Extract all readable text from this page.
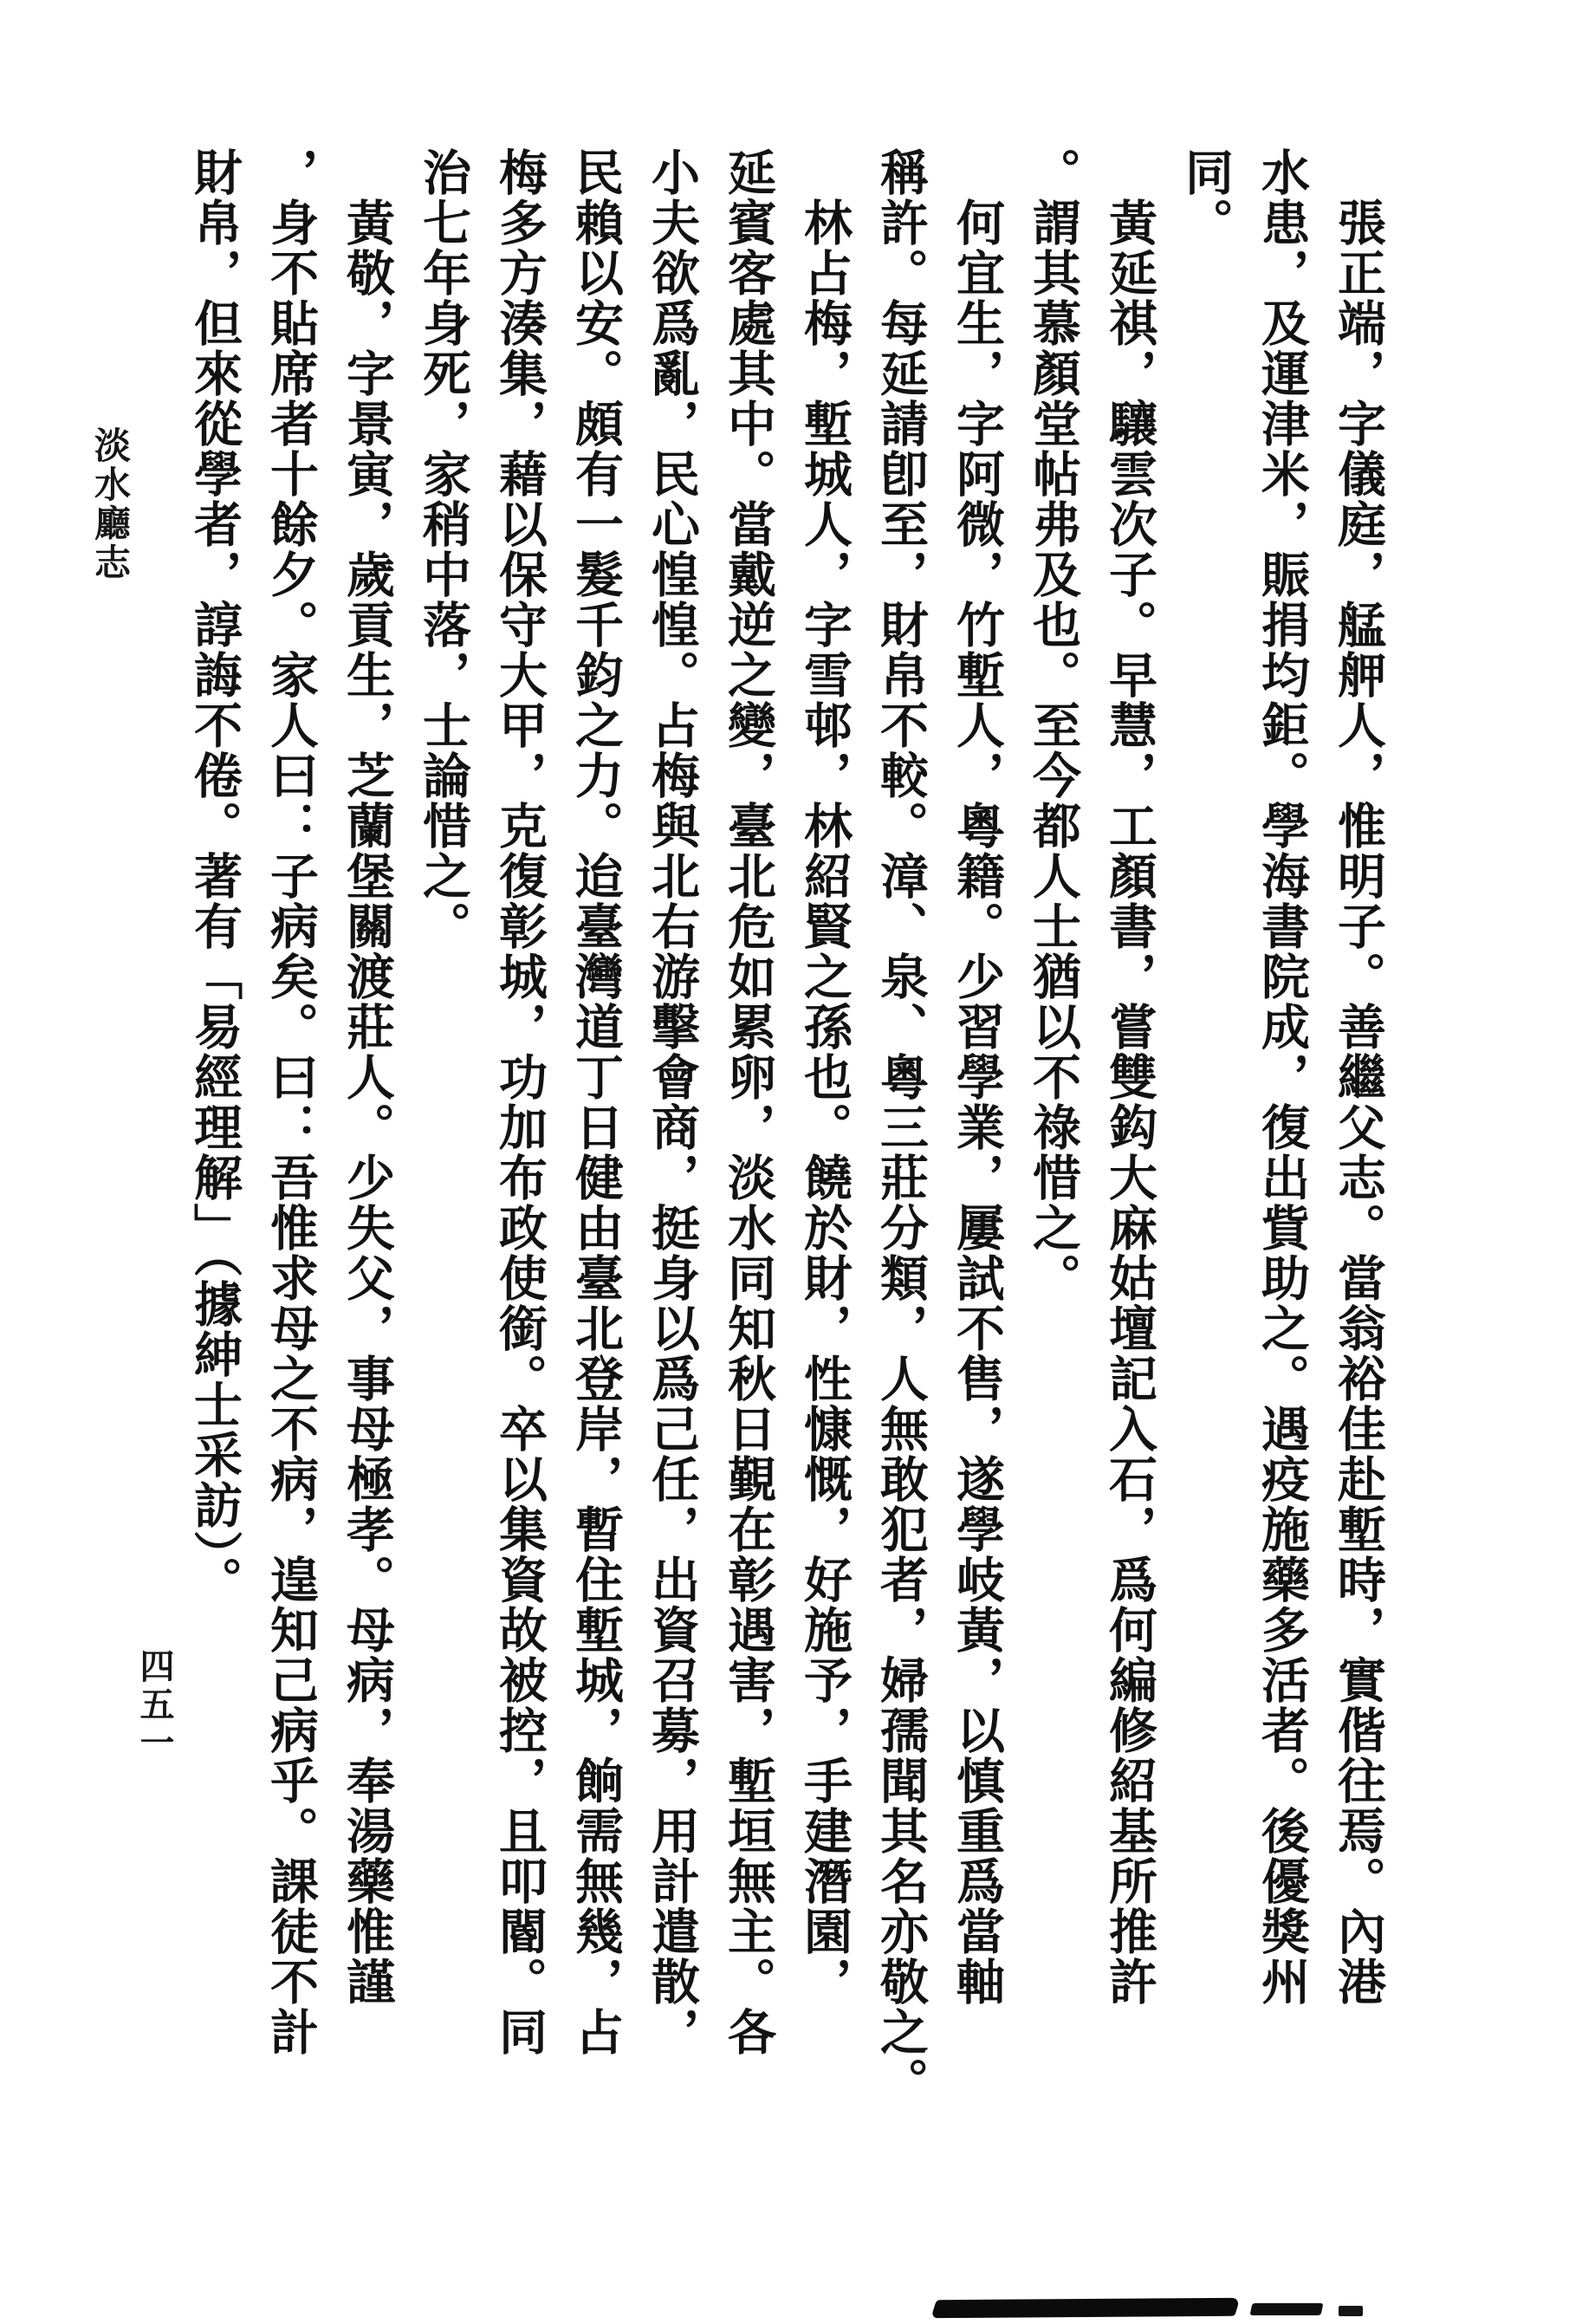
張正端，字儀庭，艋舺人，惟明子。善繼父志。當翁裕佳赴塹時，實偕往焉。內港
水患，及運津米，賑捐均鉅。學海書院成，復出貲助之。遇疫施藥多活者。後優獎州
同。
黃延祺，驤雲次子。早慧，工顏書，嘗雙鈎大麻姑壇記入石，爲何編修紹基所推許
。謂其慕顏堂帖弗及也。至今都人士猶以不祿惜之。
何宜生，字阿微，竹塹人，粵籍。少習學業，屢試不售，遂學岐黃，以慎重爲當軸
稱許。每延請卽至，財帛不較。漳、泉、粵三莊分類，人無敢犯者，婦孺聞其名亦敬之。
林占梅，塹城人，字雪邨，林紹賢之孫也。饒於財，性慷慨，好施予，手建潛園，
延賓客處其中。當戴逆之變，臺北危如累卵，淡水同知秋日覲在彰遇害，塹垣無主。各
小夫欲爲亂，民心惶惶。占梅與北右游擊會商，挺身以爲己任，出資召募，用計遣散，
民賴以安。頗有一髮千鈞之力。迨臺灣道丁日健由臺北登岸，暫住塹城，餉需無幾，占
梅多方湊集，藉以保守大甲，克復彰城，功加布政使銜。卒以集資故被控，且叩閽。同
治七年身死，家稍中落，士論惜之。
黃敬，字景寅，歲貢生，芝蘭堡關渡莊人。少失父，事母極孝。母病，奉湯藥惟謹
，身不貼席者十餘夕。家人曰：子病矣。曰：吾惟求母之不病，遑知己病乎。課徒不計
財帛，但來從學者，諄誨不倦。著有「易經理解」（據紳士采訪）。
淡水廳志
四五一
